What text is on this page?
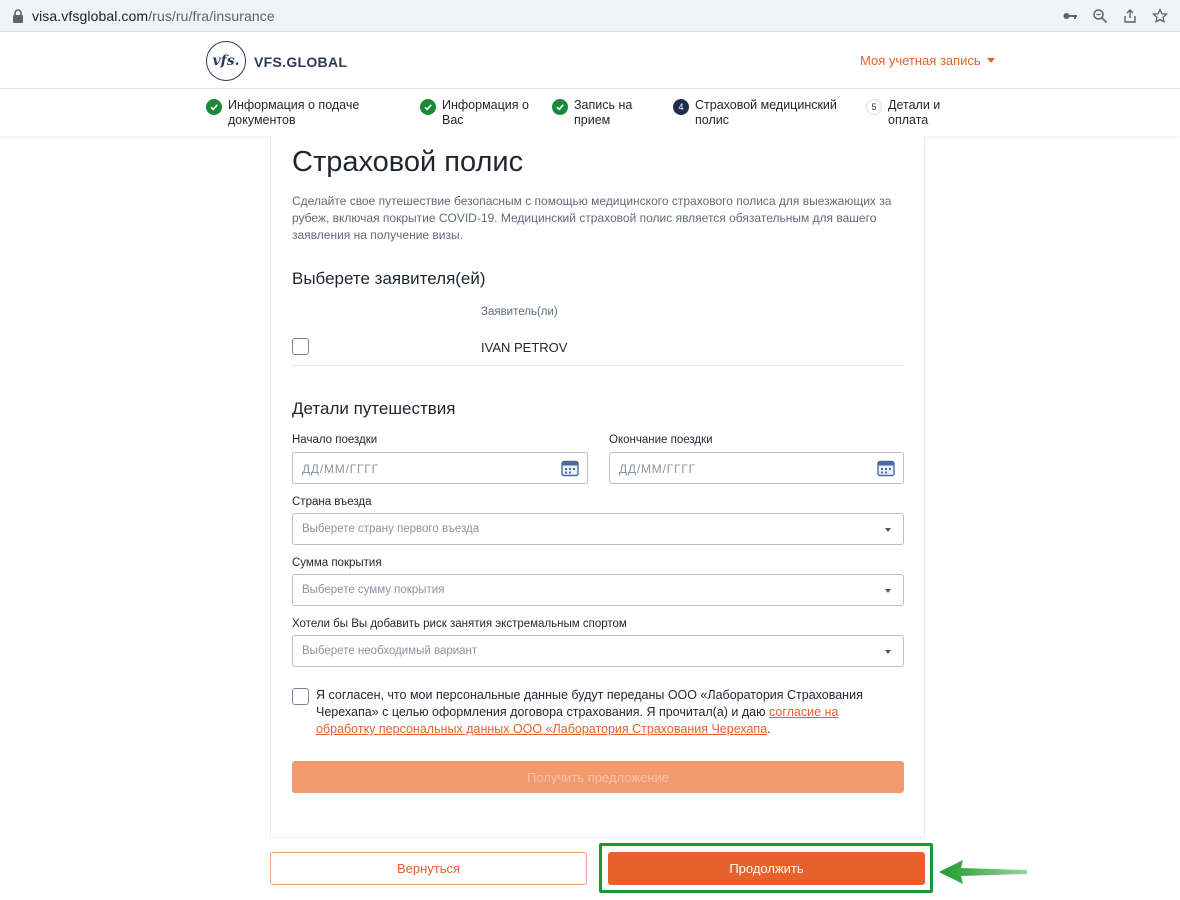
visa.vfsglobal.com/rus/ru/fra/insurance
vfs.	VFS.GLOBAL	Моя учетная запись
Информация о подаче документов
Информация о Вас
Запись на прием
4 Страховой медицинский полис
5 Детали и оплата
Страховой полис

Сделайте свое путешествие безопасным с помощью медицинского страхового полиса для выезжающих за рубеж, включая покрытие COVID-19. Медицинский страховой полис является обязательным для вашего заявления на получение визы.

Выберете заявителя(ей)
Заявитель(ли)
IVAN PETROV
Детали путешествия
Начало поездки
ДД/ММ/ГГГГ
Окончание поездки
ДД/ММ/ГГГГ
Страна въезда
Выберете страну первого въезда
Сумма покрытия
Выберете сумму покрытия
Хотели бы Вы добавить риск занятия экстремальным спортом
Выберете необходимый вариант
Я согласен, что мои персональные данные будут переданы ООО «Лаборатория Страхования Черехапа» с целью оформления договора страхования. Я прочитал(а) и даю согласие на обработку персональных данных ООО «Лаборатория Страхования Черехапа.
Получить предложение
Вернуться	Продолжить
